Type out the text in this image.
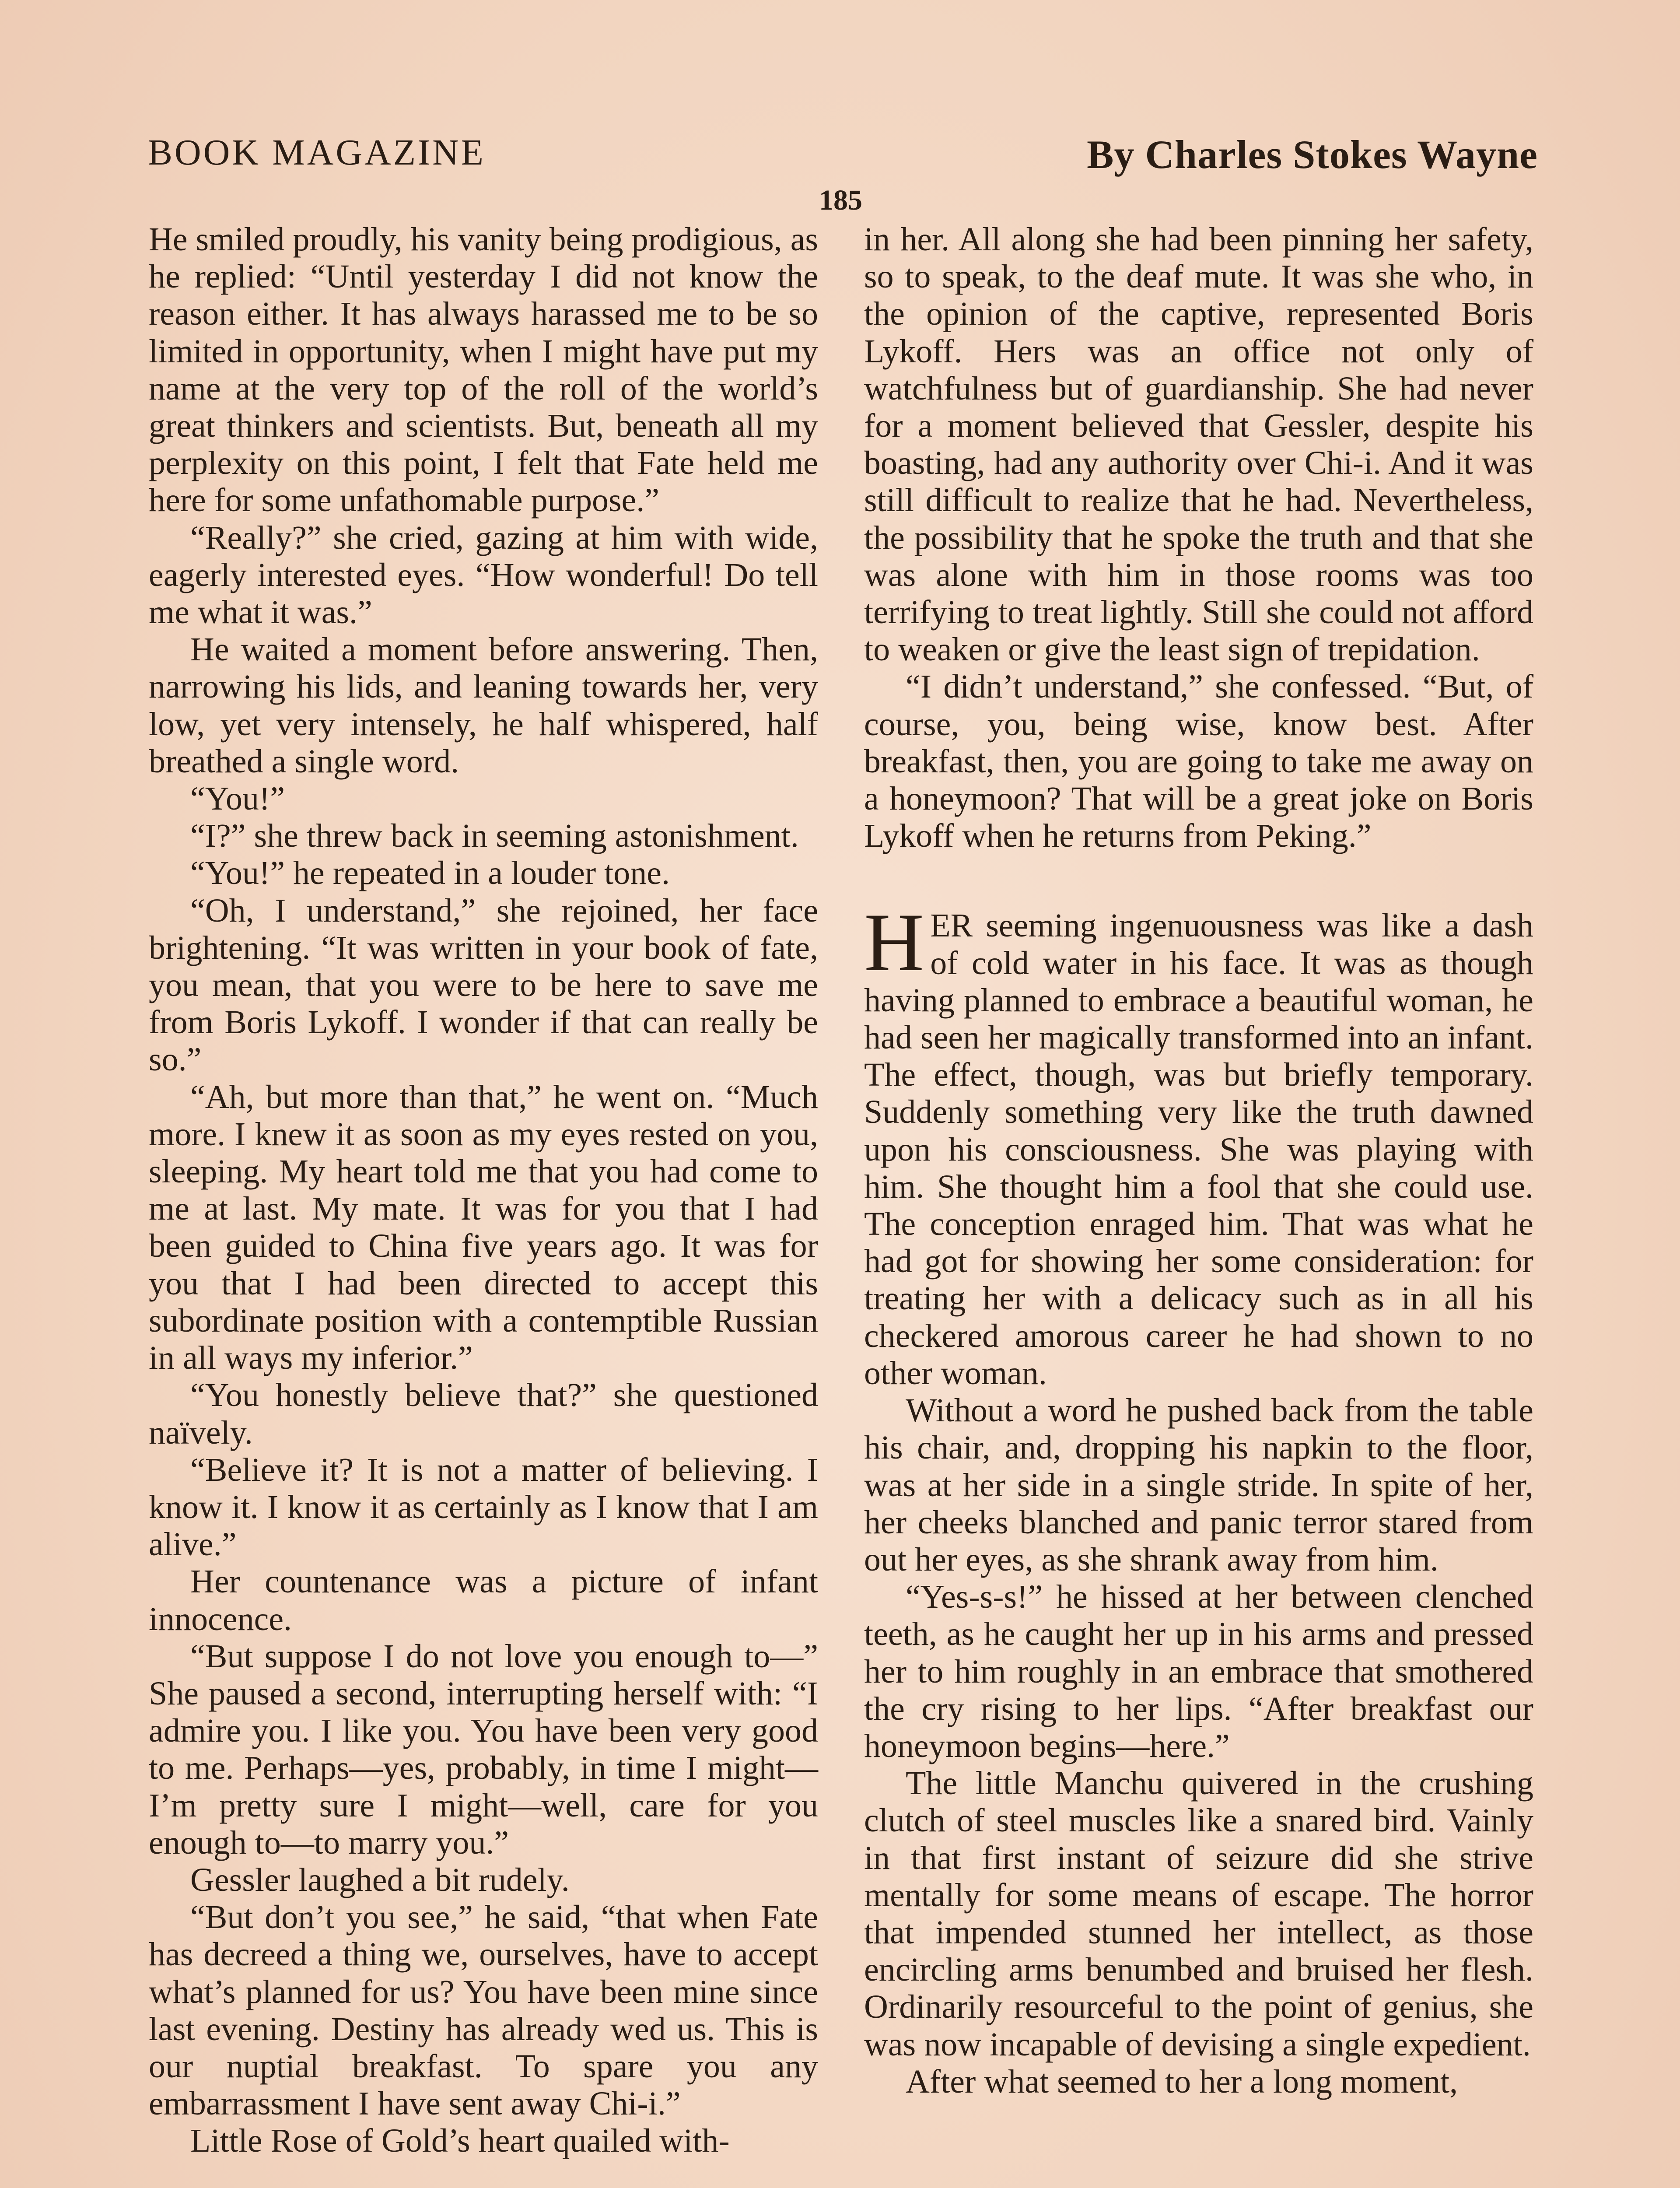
BOOK MAGAZINE	By Charles Stokes Wayne
185

He smiled proudly, his vanity being prodigious, as he replied: “Until yesterday I did not know the reason either. It has always harassed me to be so limited in opportunity, when I might have put my name at the very top of the roll of the world’s great thinkers and scientists. But, beneath all my perplexity on this point, I felt that Fate held me here for some unfathomable purpose.”

“Really?” she cried, gazing at him with wide, eagerly interested eyes. “How wonderful! Do tell me what it was.”

He waited a moment before answering. Then, narrowing his lids, and leaning towards her, very low, yet very intensely, he half whispered, half breathed a single word.

“You!”

“I?” she threw back in seeming astonishment.

“You!” he repeated in a louder tone.

“Oh, I understand,” she rejoined, her face brightening. “It was written in your book of fate, you mean, that you were to be here to save me from Boris Lykoff. I wonder if that can really be so.”

“Ah, but more than that,” he went on. “Much more. I knew it as soon as my eyes rested on you, sleeping. My heart told me that you had come to me at last. My mate. It was for you that I had been guided to China five years ago. It was for you that I had been directed to accept this subordinate position with a contemptible Russian in all ways my inferior.”

“You honestly believe that?” she questioned naïvely.

“Believe it? It is not a matter of believing. I know it. I know it as certainly as I know that I am alive.”

Her countenance was a picture of infant innocence.

“But suppose I do not love you enough to—” She paused a second, interrupting herself with: “I admire you. I like you. You have been very good to me. Perhaps—yes, probably, in time I might—I’m pretty sure I might—well, care for you enough to—to marry you.”

Gessler laughed a bit rudely.

“But don’t you see,” he said, “that when Fate has decreed a thing we, ourselves, have to accept what’s planned for us? You have been mine since last evening. Destiny has already wed us. This is our nuptial breakfast. To spare you any embarrassment I have sent away Chi-i.”

Little Rose of Gold’s heart quailed with-

in her. All along she had been pinning her safety, so to speak, to the deaf mute. It was she who, in the opinion of the captive, represented Boris Lykoff. Hers was an office not only of watchfulness but of guardianship. She had never for a moment believed that Gessler, despite his boasting, had any authority over Chi-i. And it was still difficult to realize that he had. Nevertheless, the possibility that he spoke the truth and that she was alone with him in those rooms was too terrifying to treat lightly. Still she could not afford to weaken or give the least sign of trepidation.

“I didn’t understand,” she confessed. “But, of course, you, being wise, know best. After breakfast, then, you are going to take me away on a honeymoon? That will be a great joke on Boris Lykoff when he returns from Peking.”

HER seeming ingenuousness was like a dash of cold water in his face. It was as though having planned to embrace a beautiful woman, he had seen her magically transformed into an infant. The effect, though, was but briefly temporary. Suddenly something very like the truth dawned upon his consciousness. She was playing with him. She thought him a fool that she could use. The conception enraged him. That was what he had got for showing her some consideration: for treating her with a delicacy such as in all his checkered amorous career he had shown to no other woman.

Without a word he pushed back from the table his chair, and, dropping his napkin to the floor, was at her side in a single stride. In spite of her, her cheeks blanched and panic terror stared from out her eyes, as she shrank away from him.

“Yes-s-s!” he hissed at her between clenched teeth, as he caught her up in his arms and pressed her to him roughly in an embrace that smothered the cry rising to her lips. “After breakfast our honeymoon begins—here.”

The little Manchu quivered in the crushing clutch of steel muscles like a snared bird. Vainly in that first instant of seizure did she strive mentally for some means of escape. The horror that impended stunned her intellect, as those encircling arms benumbed and bruised her flesh. Ordinarily resourceful to the point of genius, she was now incapable of devising a single expedient.

After what seemed to her a long moment,
